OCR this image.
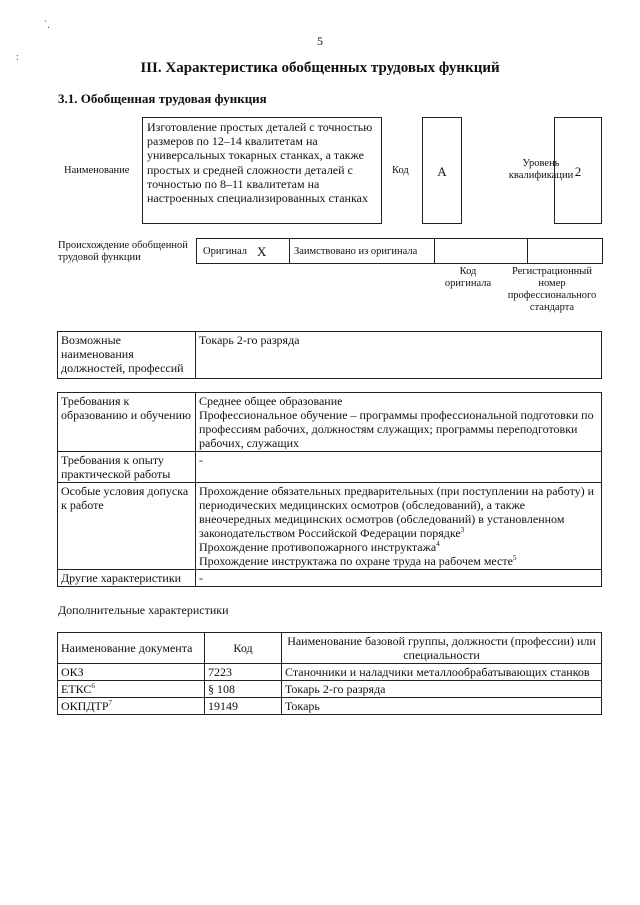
`.
:
5
III. Характеристика обобщенных трудовых функций
3.1. Обобщенная трудовая функция
Наименование
Изготовление простых деталей с точностью размеров по 12–14 квалитетам на универсальных токарных станках, а также простых и средней сложности деталей с точностью по 8–11 квалитетам на настроенных специализированных станках
Код	A
Уровень квалификации 2
Происхождение обобщенной трудовой функции
Оригинал X	Заимствовано из оригинала
Код оригинала
Регистрационный номер профессионального стандарта
Возможные наименования должностей, профессий	Токарь 2-го разряда
Требования к образованию и обучению	Среднее общее образование
Профессиональное обучение – программы профессиональной подготовки по профессиям рабочих, должностям служащих; программы переподготовки рабочих, служащих

Требования к опыту практической работы	-
Особые условия допуска к работе	Прохождение обязательных предварительных (при поступлении на работу) и периодических медицинских осмотров (обследований), а также внеочередных медицинских осмотров (обследований) в установленном законодательством Российской Федерации порядке$^3$
Прохождение противопожарного инструктажа$^4$
Прохождение инструктажа по охране труда на рабочем месте$^5$

Другие характеристики	-
Дополнительные характеристики
Наименование документа	Код	Наименование базовой группы, должности (профессии) или специальности
ОКЗ	7223	Станочники и наладчики металлообрабатывающих станков
ЕТКС$^6$	§ 108	Токарь 2-го разряда
ОКПДТР$^7$	19149	Токарь
